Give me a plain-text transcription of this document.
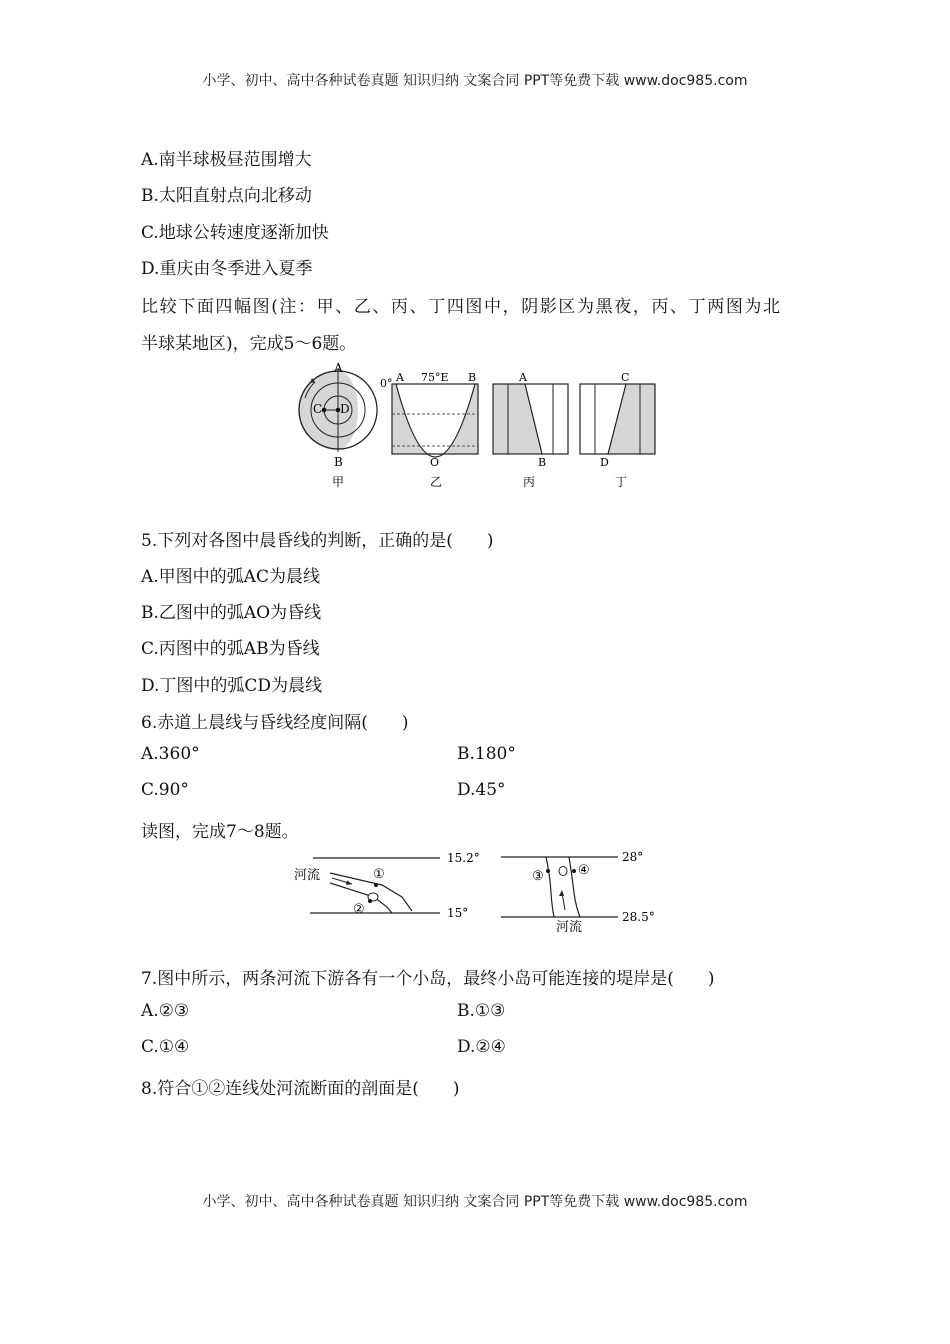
小学、初中、高中各种试卷真题 知识归纳 文案合同 PPT等免费下载 www.doc985.com
A.南半球极昼范围增大
B.太阳直射点向北移动
C.地球公转速度逐渐加快
D.重庆由冬季进入夏季
比较下面四幅图(注：甲、乙、丙、丁四图中，阴影区为黑夜，丙、丁两图为北
半球某地区)，完成5～6题。
A
C D
B
甲
0° A 75°E B
O
乙
A
B
丙
C
D
丁
5.下列对各图中晨昏线的判断，正确的是(　　)
A.甲图中的弧AC为晨线
B.乙图中的弧AO为昏线
C.丙图中的弧AB为昏线
D.丁图中的弧CD为晨线
6.赤道上晨线与昏线经度间隔(　　)
A.360°	B.180°
C.90°	D.45°
读图，完成7～8题。
河流	①
②
15.2°
15°
③	④
河流
28°
28.5°
7.图中所示，两条河流下游各有一个小岛，最终小岛可能连接的堤岸是(　　)
A.②③	B.①③
C.①④	D.②④
8.符合①②连线处河流断面的剖面是(　　)
小学、初中、高中各种试卷真题 知识归纳 文案合同 PPT等免费下载 www.doc985.com
